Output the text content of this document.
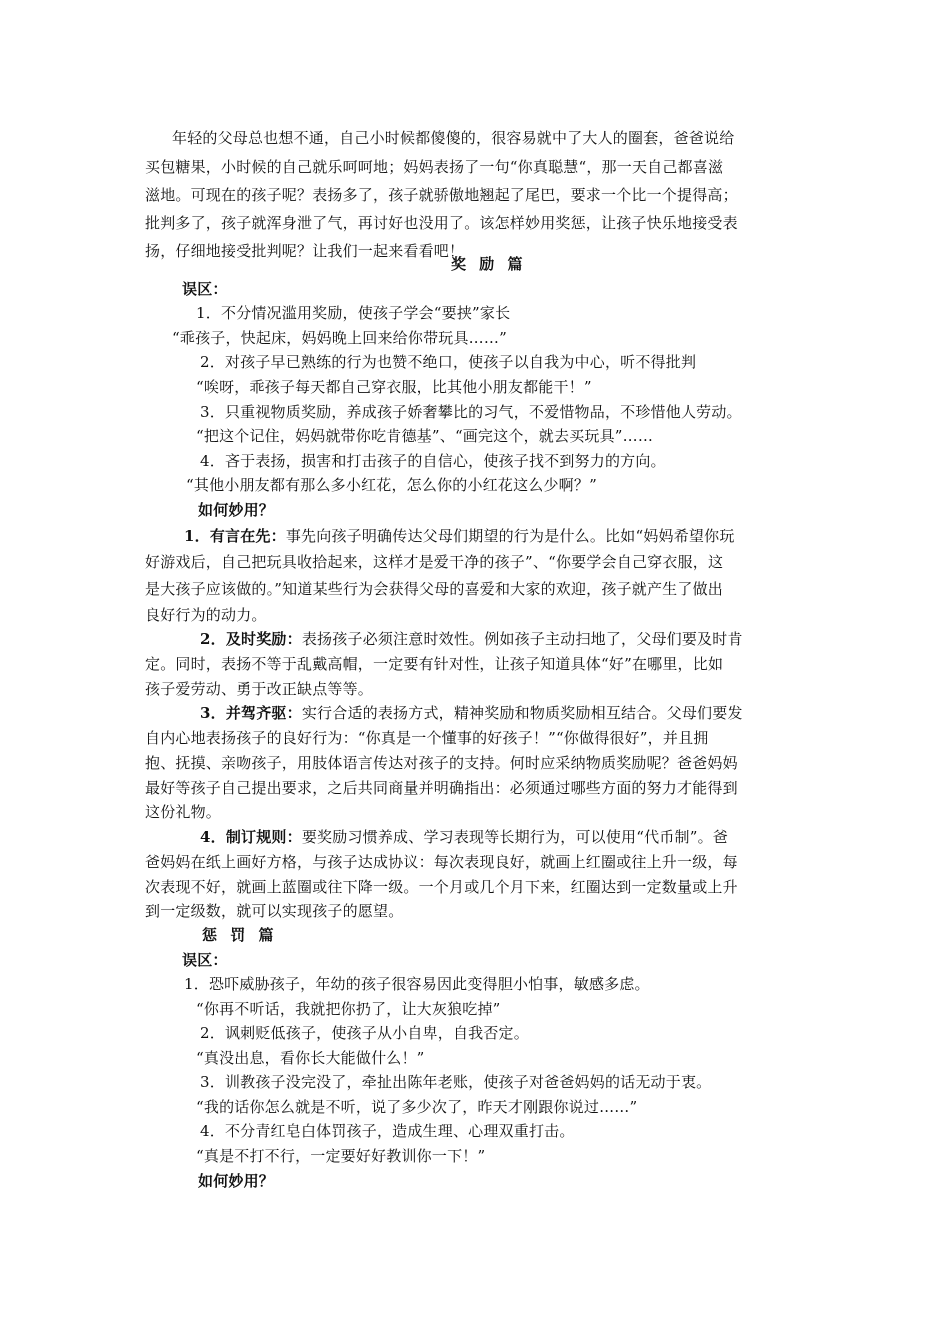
年轻的父母总也想不通，自己小时候都傻傻的，很容易就中了大人的圈套，爸爸说给
买包糖果，小时候的自己就乐呵呵地；妈妈表扬了一句“你真聪慧“，那一天自己都喜滋
滋地。可现在的孩子呢？表扬多了，孩子就骄傲地翘起了尾巴，要求一个比一个提得高；
批判多了，孩子就浑身泄了气，再讨好也没用了。该怎样妙用奖惩，让孩子快乐地接受表
扬，仔细地接受批判呢？让我们一起来看看吧！
奖 励 篇
误区：
1．不分情况滥用奖励，使孩子学会“要挟”家长
“乖孩子，快起床，妈妈晚上回来给你带玩具……”
2．对孩子早已熟练的行为也赞不绝口，使孩子以自我为中心，听不得批判
“唉呀，乖孩子每天都自己穿衣服，比其他小朋友都能干！”
3．只重视物质奖励，养成孩子娇奢攀比的习气，不爱惜物品，不珍惜他人劳动。
“把这个记住，妈妈就带你吃肯德基”、“画完这个，就去买玩具”……
4．吝于表扬，损害和打击孩子的自信心，使孩子找不到努力的方向。
“其他小朋友都有那么多小红花，怎么你的小红花这么少啊？”
如何妙用？
1．有言在先：事先向孩子明确传达父母们期望的行为是什么。比如“妈妈希望你玩
好游戏后，自己把玩具收拾起来，这样才是爱干净的孩子”、“你要学会自己穿衣服，这
是大孩子应该做的。”知道某些行为会获得父母的喜爱和大家的欢迎，孩子就产生了做出
良好行为的动力。
2．及时奖励：表扬孩子必须注意时效性。例如孩子主动扫地了，父母们要及时肯
定。同时，表扬不等于乱戴高帽，一定要有针对性，让孩子知道具体“好”在哪里，比如
孩子爱劳动、勇于改正缺点等等。
3．并驾齐驱：实行合适的表扬方式，精神奖励和物质奖励相互结合。父母们要发
自内心地表扬孩子的良好行为：“你真是一个懂事的好孩子！”“你做得很好”，并且拥
抱、抚摸、亲吻孩子，用肢体语言传达对孩子的支持。何时应采纳物质奖励呢？爸爸妈妈
最好等孩子自己提出要求，之后共同商量并明确指出：必须通过哪些方面的努力才能得到
这份礼物。
4．制订规则：要奖励习惯养成、学习表现等长期行为，可以使用“代币制”。爸
爸妈妈在纸上画好方格，与孩子达成协议：每次表现良好，就画上红圈或往上升一级，每
次表现不好，就画上蓝圈或往下降一级。一个月或几个月下来，红圈达到一定数量或上升
到一定级数，就可以实现孩子的愿望。
惩 罚 篇
误区：
1．恐吓威胁孩子，年幼的孩子很容易因此变得胆小怕事，敏感多虑。
“你再不听话，我就把你扔了，让大灰狼吃掉”
2．讽刺贬低孩子，使孩子从小自卑，自我否定。
“真没出息，看你长大能做什么！”
3．训教孩子没完没了，牵扯出陈年老账，使孩子对爸爸妈妈的话无动于衷。
“我的话你怎么就是不听，说了多少次了，昨天才刚跟你说过……”
4．不分青红皂白体罚孩子，造成生理、心理双重打击。
“真是不打不行，一定要好好教训你一下！”
如何妙用？
